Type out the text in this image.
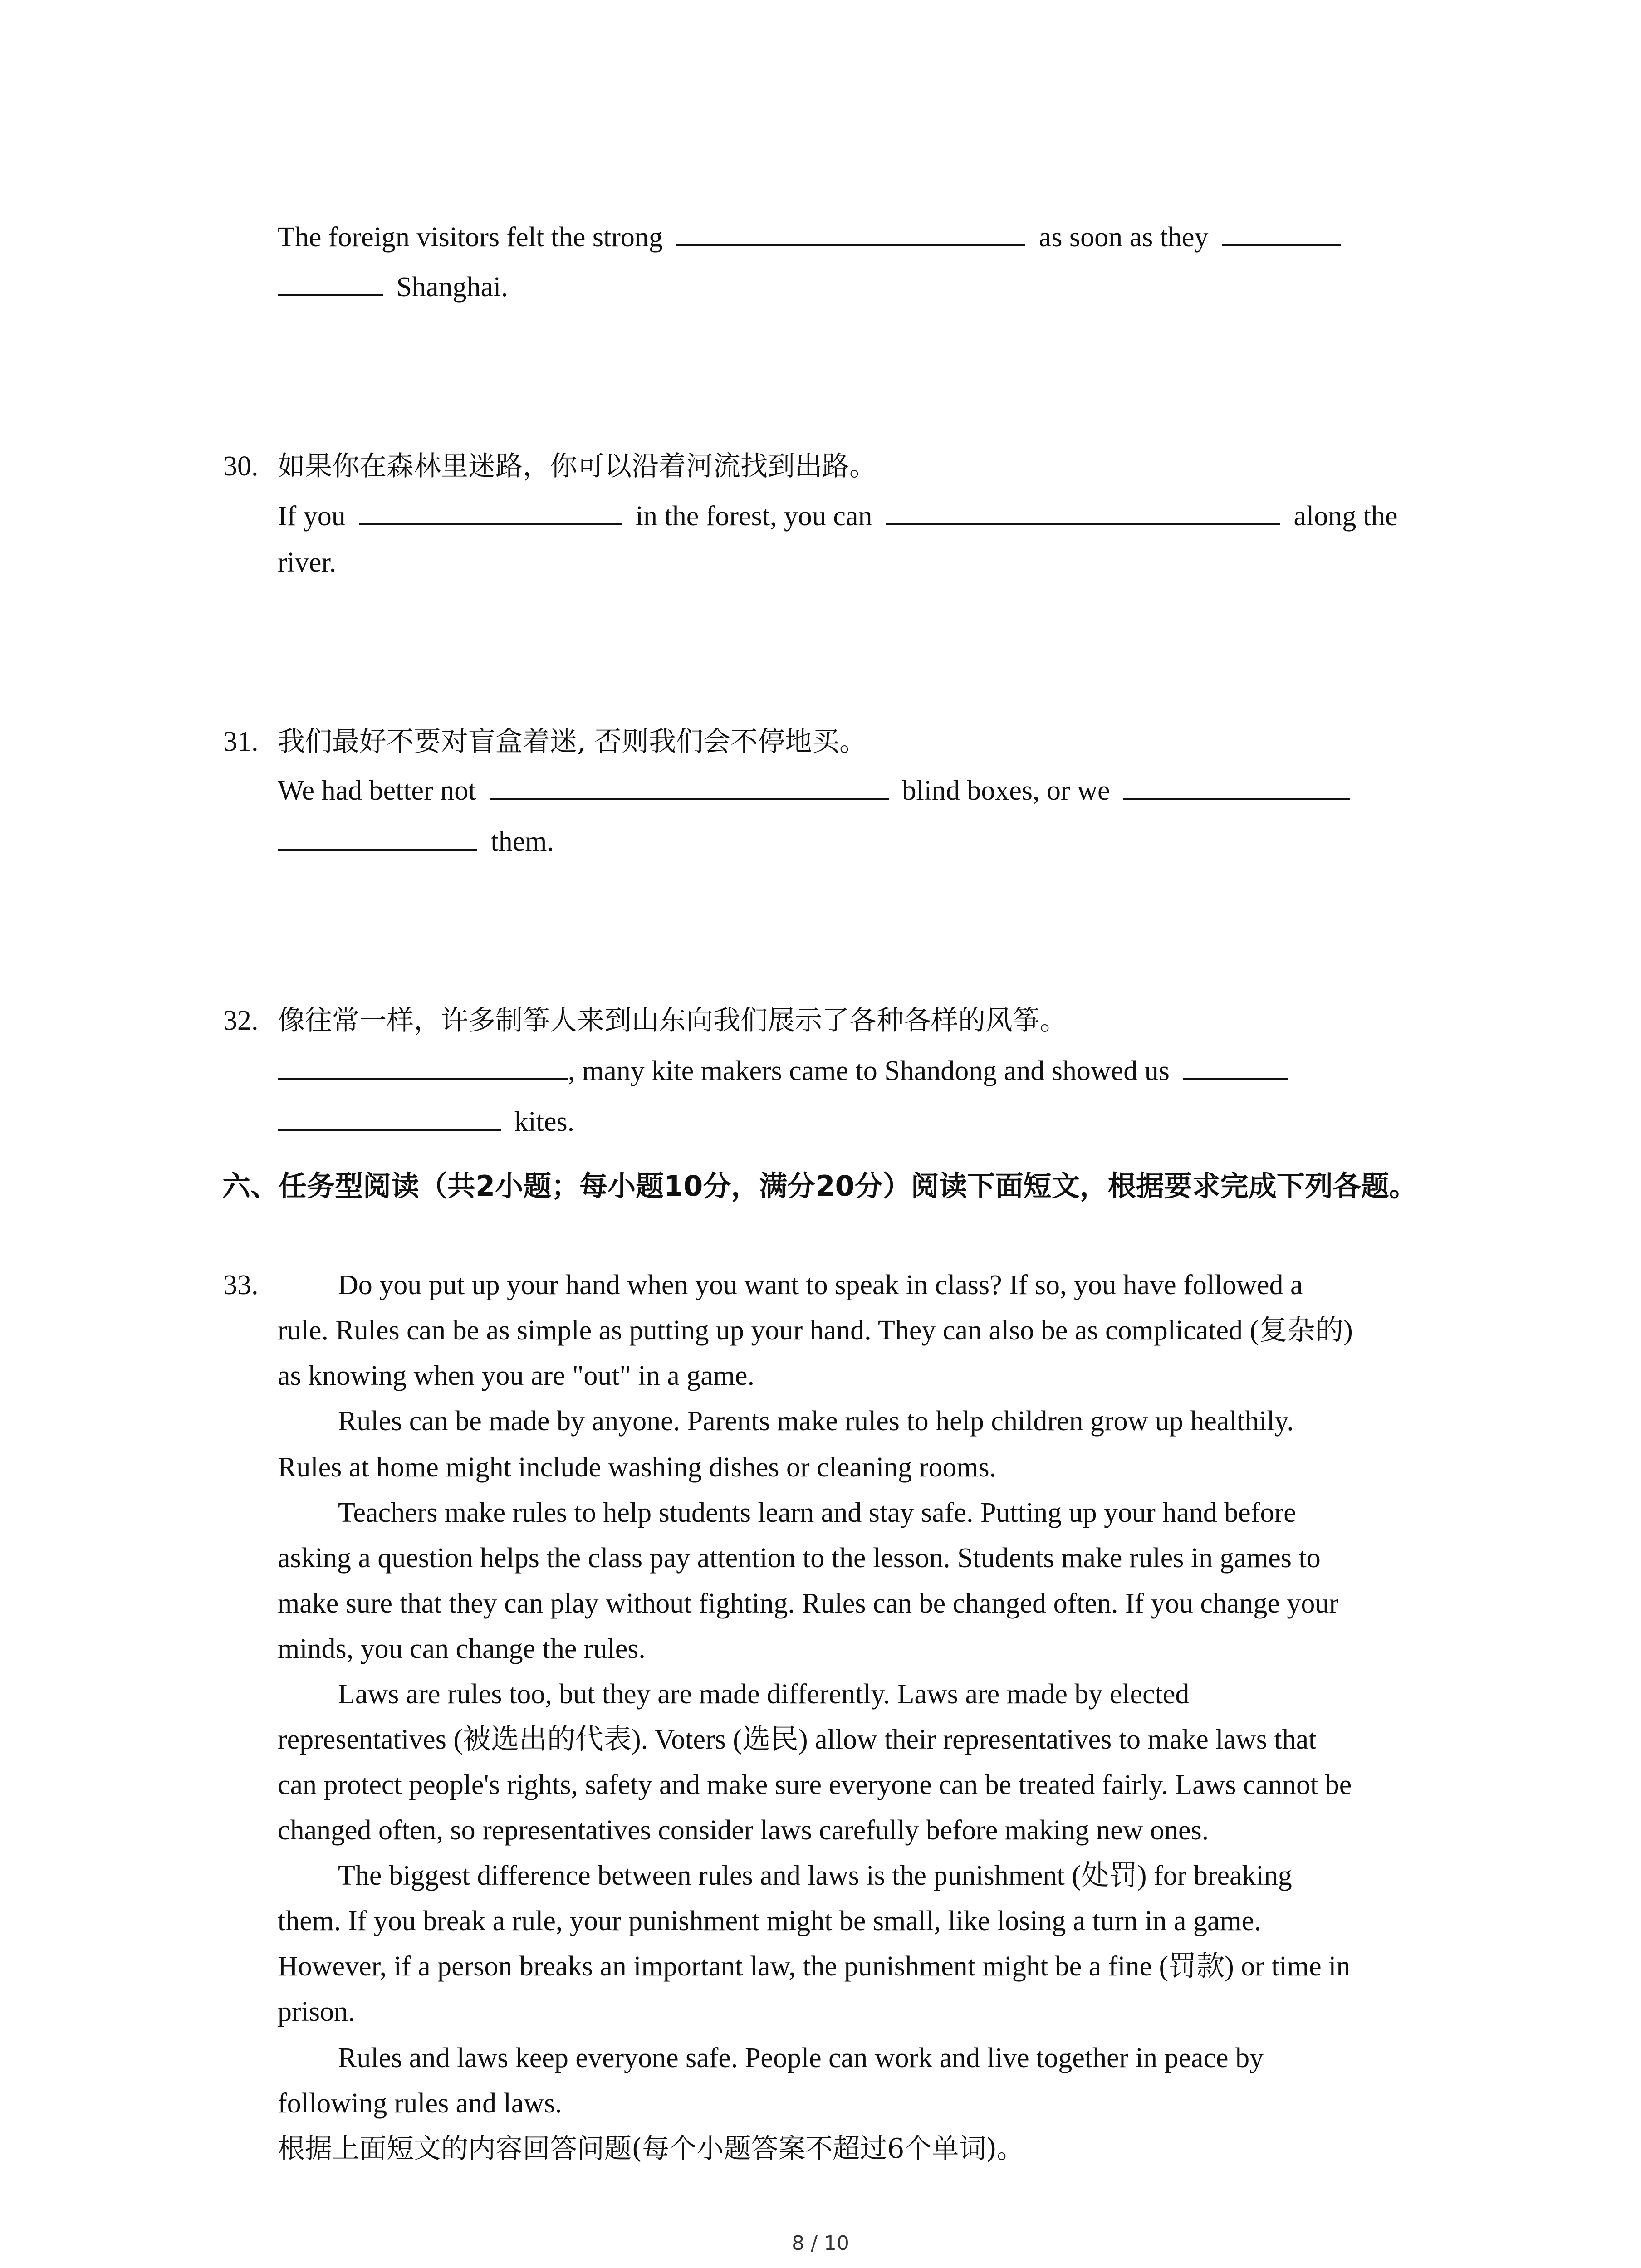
The foreign visitors felt the strong	as soon as they
Shanghai.
30. 如果你在森林里迷路，你可以沿着河流找到出路。
If you	in the forest, you can	along the
river.
31. 我们最好不要对盲盒着迷, 否则我们会不停地买。
We had better not	blind boxes, or we
them.
32. 像往常一样，许多制筝人来到山东向我们展示了各种各样的风筝。
, many kite makers came to Shandong and showed us
kites.
六、任务型阅读（共2小题；每小题10分，满分20分）阅读下面短文，根据要求完成下列各题。
33.	Do you put up your hand when you want to speak in class? If so, you have followed a
rule. Rules can be as simple as putting up your hand. They can also be as complicated (复杂的)
as knowing when you are "out" in a game.
Rules can be made by anyone. Parents make rules to help children grow up healthily.
Rules at home might include washing dishes or cleaning rooms.
Teachers make rules to help students learn and stay safe. Putting up your hand before
asking a question helps the class pay attention to the lesson. Students make rules in games to
make sure that they can play without fighting. Rules can be changed often. If you change your
minds, you can change the rules.
Laws are rules too, but they are made differently. Laws are made by elected
representatives (被选出的代表). Voters (选民) allow their representatives to make laws that
can protect people's rights, safety and make sure everyone can be treated fairly. Laws cannot be
changed often, so representatives consider laws carefully before making new ones.
The biggest difference between rules and laws is the punishment (处罚) for breaking
them. If you break a rule, your punishment might be small, like losing a turn in a game.
However, if a person breaks an important law, the punishment might be a fine (罚款) or time in
prison.
Rules and laws keep everyone safe. People can work and live together in peace by
following rules and laws.
根据上面短文的内容回答问题(每个小题答案不超过6个单词)。
8 / 10
